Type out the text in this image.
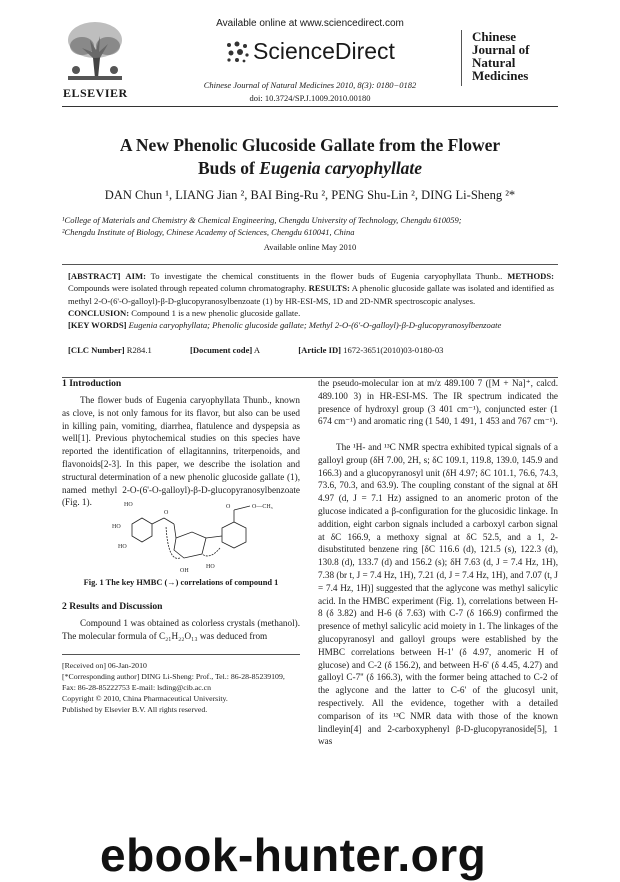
ELSEVIER
Available online at www.sciencedirect.com
ScienceDirect
Chinese Journal of Natural Medicines 2010, 8(3): 0180−0182
doi: 10.3724/SP.J.1009.2010.00180
Chinese
Journal of
Natural
Medicines
A New Phenolic Glucoside Gallate from the Flower
Buds of Eugenia caryophyllate
DAN Chun ¹, LIANG Jian ², BAI Bing-Ru ², PENG Shu-Lin ², DING Li-Sheng ²*
¹College of Materials and Chemistry & Chemical Engineering, Chengdu University of Technology, Chengdu 610059;
²Chengdu Institute of Biology, Chinese Academy of Sciences, Chengdu 610041, China
Available online May 2010
[ABSTRACT] AIM: To investigate the chemical constituents in the flower buds of Eugenia caryophyllata Thunb.. METHODS: Compounds were isolated through repeated column chromatography. RESULTS: A phenolic glucoside gallate was isolated and identified as methyl 2-O-(6'-O-galloyl)-β-D-glucopyranosylbenzoate (1) by HR-ESI-MS, 1D and 2D-NMR spectroscopic analyses.
CONCLUSION: Compound 1 is a new phenolic glucoside gallate.
[KEY WORDS] Eugenia caryophyllata; Phenolic glucoside gallate; Methyl 2-O-(6'-O-galloyl)-β-D-glucopyranosylbenzoate
[CLC Number] R284.1	[Document code] A	[Article ID] 1672-3651(2010)03-0180-03
1 Introduction
The flower buds of Eugenia caryophyllata Thunb., known as clove, is not only famous for its flavor, but also can be used in killing pain, vomiting, diarrhea, flatulence and dyspepsia as well[1]. Previous phytochemical studies on this species have reported the identification of ellagitannins, triterpenoids, and flavonoids[2-3]. In this paper, we describe the isolation and structural determination of a new phenolic glucoside gallate (1), named methyl 2-O-(6'-O-galloyl)-β-D-glucopyranosylbenzoate (Fig. 1).	HO
HO
HO
O
HO
OH
O	O—CH₃
Fig. 1 The key HMBC (→) correlations of compound 1
2 Results and Discussion
Compound 1 was obtained as colorless crystals (methanol). The molecular formula of C₂₁H₂₂O₁₃ was deduced from
[Received on] 06-Jan-2010
[*Corresponding author] DING Li-Sheng: Prof., Tel.: 86-28-85239109, Fax: 86-28-85222753 E-mail: lsding@cib.ac.cn
Copyright © 2010, China Pharmaceutical University.
Published by Elsevier B.V. All rights reserved.
the pseudo-molecular ion at m/z 489.100 7 ([M + Na]⁺, calcd. 489.100 3) in HR-ESI-MS. The IR spectrum indicated the presence of hydroxyl group (3 401 cm⁻¹), conjuncted ester (1 674 cm⁻¹) and aromatic ring (1 540, 1 491, 1 453 and 767 cm⁻¹).
The ¹H- and ¹³C NMR spectra exhibited typical signals of a galloyl group (δH 7.00, 2H, s; δC 109.1, 119.8, 139.0, 145.9 and 166.3) and a glucopyranosyl unit (δH 4.97; δC 101.1, 76.6, 74.3, 73.6, 70.3, and 63.9). The coupling constant of the signal at δH 4.97 (d, J = 7.1 Hz) assigned to an anomeric proton of the glucose indicated a β-configuration for the glucosidic linkage. In addition, eight carbon signals included a carboxyl carbon signal at δC 166.9, a methoxy signal at δC 52.5, and a 1, 2-disubstituted benzene ring [δC 116.6 (d), 121.5 (s), 122.3 (d), 130.8 (d), 133.7 (d) and 156.2 (s); δH 7.63 (d, J = 7.4 Hz, 1H), 7.38 (br t, J = 7.4 Hz, 1H), 7.21 (d, J = 7.4 Hz, 1H), and 7.07 (t, J = 7.4 Hz, 1H)] suggested that the aglycone was methyl salicylic acid. In the HMBC experiment (Fig. 1), correlations between H-8 (δ 3.82) and H-6 (δ 7.63) with C-7 (δ 166.9) confirmed the presence of methyl salicylic acid moiety in 1. The linkages of the glucopyranosyl and galloyl groups were established by the HMBC correlations between H-1' (δ 4.97, anomeric H of glucose) and C-2 (δ 156.2), and between H-6' (δ 4.45, 4.27) and galloyl C-7'' (δ 166.3), with the former being attached to C-2 of the aglycone and the latter to C-6' of the glucosyl unit, respectively. All the evidence, together with a detailed comparison of its ¹³C NMR data with those of the known lindleyin[4] and 2-carboxyphenyl β-D-glucopyranoside[5], 1 was
ebook-hunter.org
